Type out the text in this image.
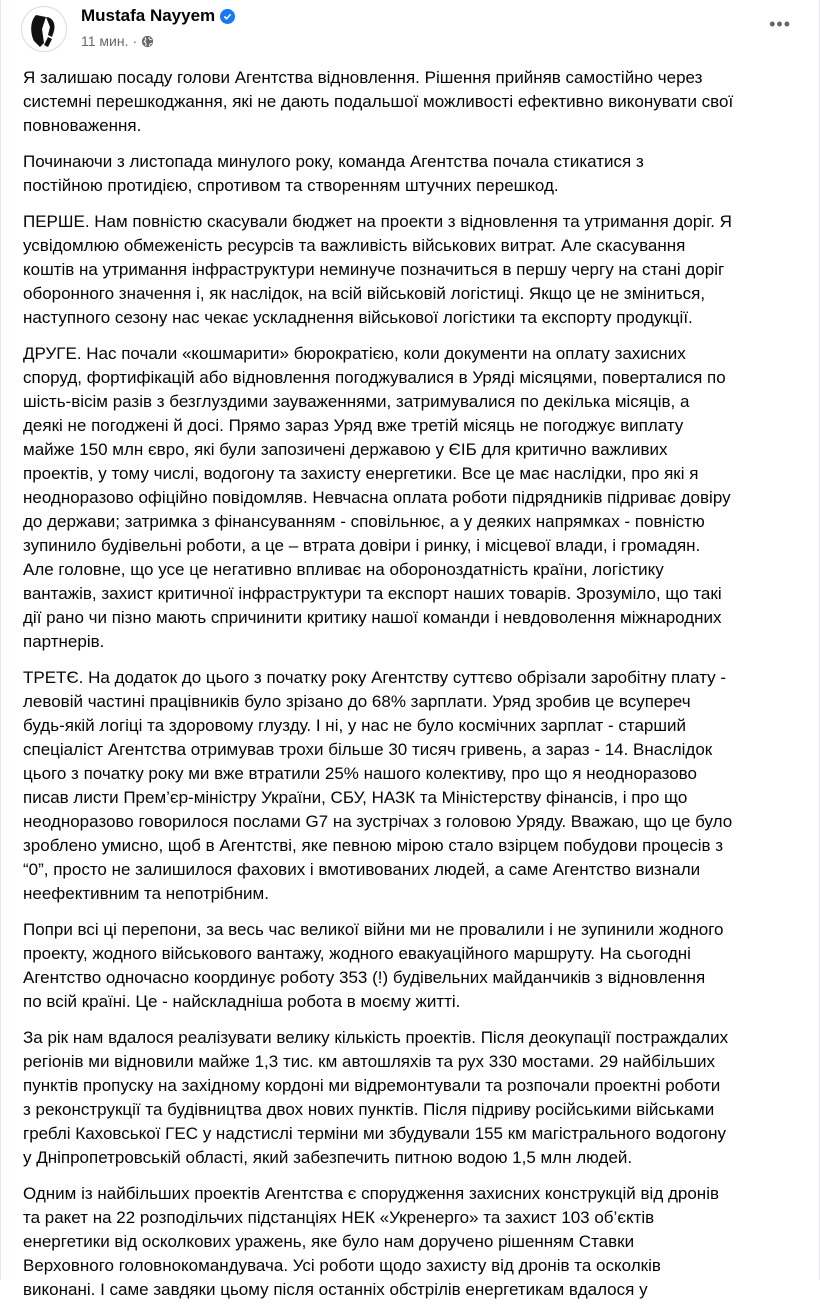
Mustafa Nayyem
11 мин. ·
•••
Я залишаю посаду голови Агентства відновлення. Рішення прийняв самостійно через
системні перешкоджання, які не дають подальшої можливості ефективно виконувати свої
повноваження.
Починаючи з листопада минулого року, команда Агентства почала стикатися з
постійною протидією, спротивом та створенням штучних перешкод.
ПЕРШЕ. Нам повністю скасували бюджет на проекти з відновлення та утримання доріг. Я
усвідомлюю обмеженість ресурсів та важливість військових витрат. Але скасування
коштів на утримання інфраструктури неминуче позначиться в першу чергу на стані доріг
оборонного значення і, як наслідок, на всій військовій логістиці. Якщо це не зміниться,
наступного сезону нас чекає ускладнення військової логістики та експорту продукції.
ДРУГЕ. Нас почали «кошмарити» бюрократією, коли документи на оплату захисних
споруд, фортифікацій або відновлення погоджувалися в Уряді місяцями, поверталися по
шість-вісім разів з безглуздими зауваженнями, затримувалися по декілька місяців, а
деякі не погоджені й досі. Прямо зараз Уряд вже третій місяць не погоджує виплату
майже 150 млн євро, які були запозичені державою у ЄІБ для критично важливих
проектів, у тому числі, водогону та захисту енергетики. Все це має наслідки, про які я
неодноразово офіційно повідомляв. Невчасна оплата роботи підрядників підриває довіру
до держави; затримка з фінансуванням - сповільнює, а у деяких напрямках - повністю
зупинило будівельні роботи, а це – втрата довіри і ринку, і місцевої влади, і громадян.
Але головне, що усе це негативно впливає на обороноздатність країни, логістику
вантажів, захист критичної інфраструктури та експорт наших товарів. Зрозуміло, що такі
дії рано чи пізно мають спричинити критику нашої команди і невдоволення міжнародних
партнерів.
ТРЕТЄ. На додаток до цього з початку року Агентству суттєво обрізали заробітну плату -
левовій частині працівників було зрізано до 68% зарплати. Уряд зробив це всупереч
будь-якій логіці та здоровому глузду. І ні, у нас не було космічних зарплат - старший
спеціаліст Агентства отримував трохи більше 30 тисяч гривень, а зараз - 14. Внаслідок
цього з початку року ми вже втратили 25% нашого колективу, про що я неодноразово
писав листи Прем’єр-міністру України, СБУ, НАЗК та Міністерству фінансів, і про що
неодноразово говорилося послами G7 на зустрічах з головою Уряду. Вважаю, що це було
зроблено умисно, щоб в Агентстві, яке певною мірою стало взірцем побудови процесів з
“0”, просто не залишилося фахових і вмотивованих людей, а саме Агентство визнали
неефективним та непотрібним.
Попри всі ці перепони, за весь час великої війни ми не провалили і не зупинили жодного
проекту, жодного військового вантажу, жодного евакуаційного маршруту. На сьогодні
Агентство одночасно координує роботу 353 (!) будівельних майданчиків з відновлення
по всій країні. Це - найскладніша робота в моєму житті.
За рік нам вдалося реалізувати велику кількість проектів. Після деокупації постраждалих
регіонів ми відновили майже 1,3 тис. км автошляхів та рух 330 мостами. 29 найбільших
пунктів пропуску на західному кордоні ми відремонтували та розпочали проектні роботи
з реконструкції та будівництва двох нових пунктів. Після підриву російськими військами
греблі Каховської ГЕС у надстислі терміни ми збудували 155 км магістрального водогону
у Дніпропетровській області, який забезпечить питною водою 1,5 млн людей.
Одним із найбільших проектів Агентства є спорудження захисних конструкцій від дронів
та ракет на 22 розподільчих підстанціях НЕК «Укренерго» та захист 103 об’єктів
енергетики від осколкових уражень, яке було нам доручено рішенням Ставки
Верховного головнокомандувача. Усі роботи щодо захисту від дронів та осколків
виконані. І саме завдяки цьому після останніх обстрілів енергетикам вдалося у
